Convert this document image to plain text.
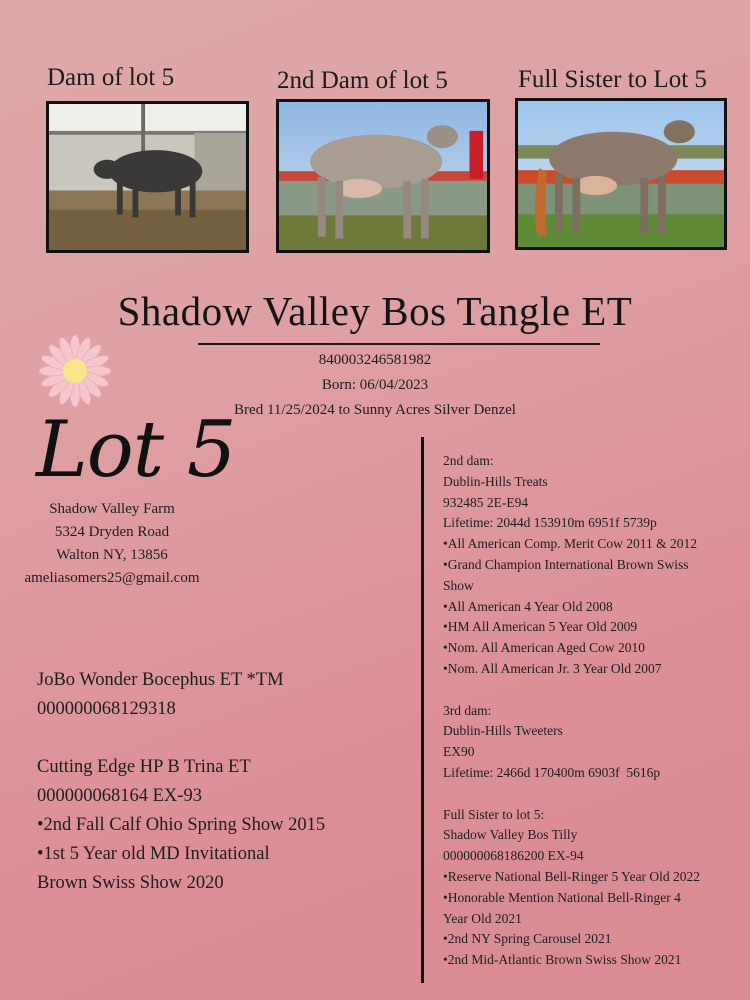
Dam of lot 5	2nd Dam of lot 5	Full Sister to Lot 5
Shadow Valley Bos Tangle ET
840003246581982
Born: 06/04/2023
Bred 11/25/2024 to Sunny Acres Silver Denzel
Lot 5
Shadow Valley Farm
5324 Dryden Road
Walton NY, 13856
ameliasomers25@gmail.com
JoBo Wonder Bocephus ET *TM
000000068129318
Cutting Edge HP B Trina ET
000000068164 EX-93
•2nd Fall Calf Ohio Spring Show 2015
•1st 5 Year old MD Invitational
Brown Swiss Show 2020
2nd dam:
Dublin-Hills Treats
932485 2E-E94
Lifetime: 2044d 153910m 6951f 5739p
•All American Comp. Merit Cow 2011 & 2012
•Grand Champion International Brown Swiss
Show
•All American 4 Year Old 2008
•HM All American 5 Year Old 2009
•Nom. All American Aged Cow 2010
•Nom. All American Jr. 3 Year Old 2007
3rd dam:
Dublin-Hills Tweeters
EX90
Lifetime: 2466d 170400m 6903f  5616p
Full Sister to lot 5:
Shadow Valley Bos Tilly
000000068186200 EX-94
•Reserve National Bell-Ringer 5 Year Old 2022
•Honorable Mention National Bell-Ringer 4
Year Old 2021
•2nd NY Spring Carousel 2021
•2nd Mid-Atlantic Brown Swiss Show 2021
